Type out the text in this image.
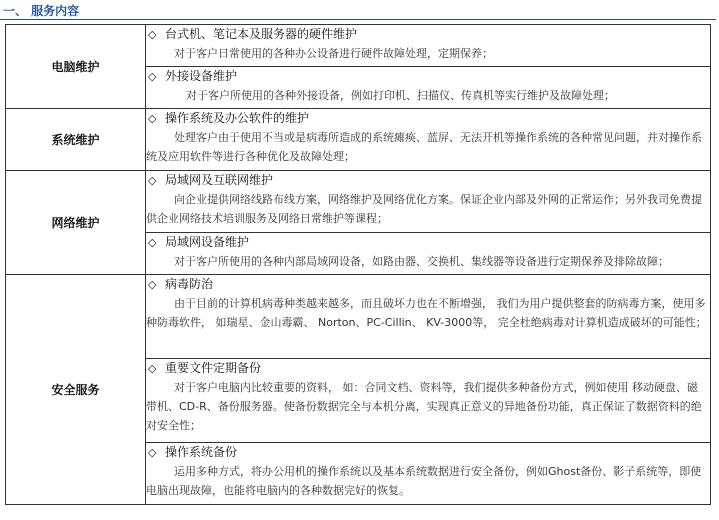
一、 服务内容
电脑维护	◇ 台式机、笔记本及服务器的硬件维护
对于客户日常使用的各种办公设备进行硬件故障处理，定期保养；

	◇ 外接设备维护
对于客户所使用的各种外接设备，例如打印机、扫描仪、传真机等实行维护及故障处理；

系统维护	◇ 操作系统及办公软件的维护
处理客户由于使用不当或是病毒所造成的系统瘫痪、蓝屏、无法开机等操作系统的各种常见问题，并对操作系统及应用软件等进行各种优化及故障处理；

网络维护	◇ 局域网及互联网维护
向企业提供网络线路布线方案，网络维护及网络优化方案。保证企业内部及外网的正常运作；另外我司免费提供企业网络技术培训服务及网络日常维护等课程；

	◇ 局域网设备维护
对于客户所使用的各种内部局域网设备，如路由器、交换机、集线器等设备进行定期保养及排除故障；

安全服务	◇ 病毒防治
由于目前的计算机病毒种类越来越多，而且破坏力也在不断增强， 我们为用户提供整套的防病毒方案，使用多种防毒软件， 如瑞星、金山毒霸、 Norton、PC-Cillin、 KV-3000等， 完全杜绝病毒对计算机造成破坏的可能性；

	◇ 重要文件定期备份
对于客户电脑内比较重要的资料， 如：合同文档、资料等，我们提供多种备份方式，例如使用 移动硬盘、磁带机、CD-R、备份服务器。使备份数据完全与本机分离，实现真正意义的异地备份功能，真正保证了数据资料的绝对安全性；

	◇ 操作系统备份
运用多种方式，将办公用机的操作系统以及基本系统数据进行安全备份，例如Ghost备份、影子系统等，即使电脑出现故障，也能将电脑内的各种数据完好的恢复。
